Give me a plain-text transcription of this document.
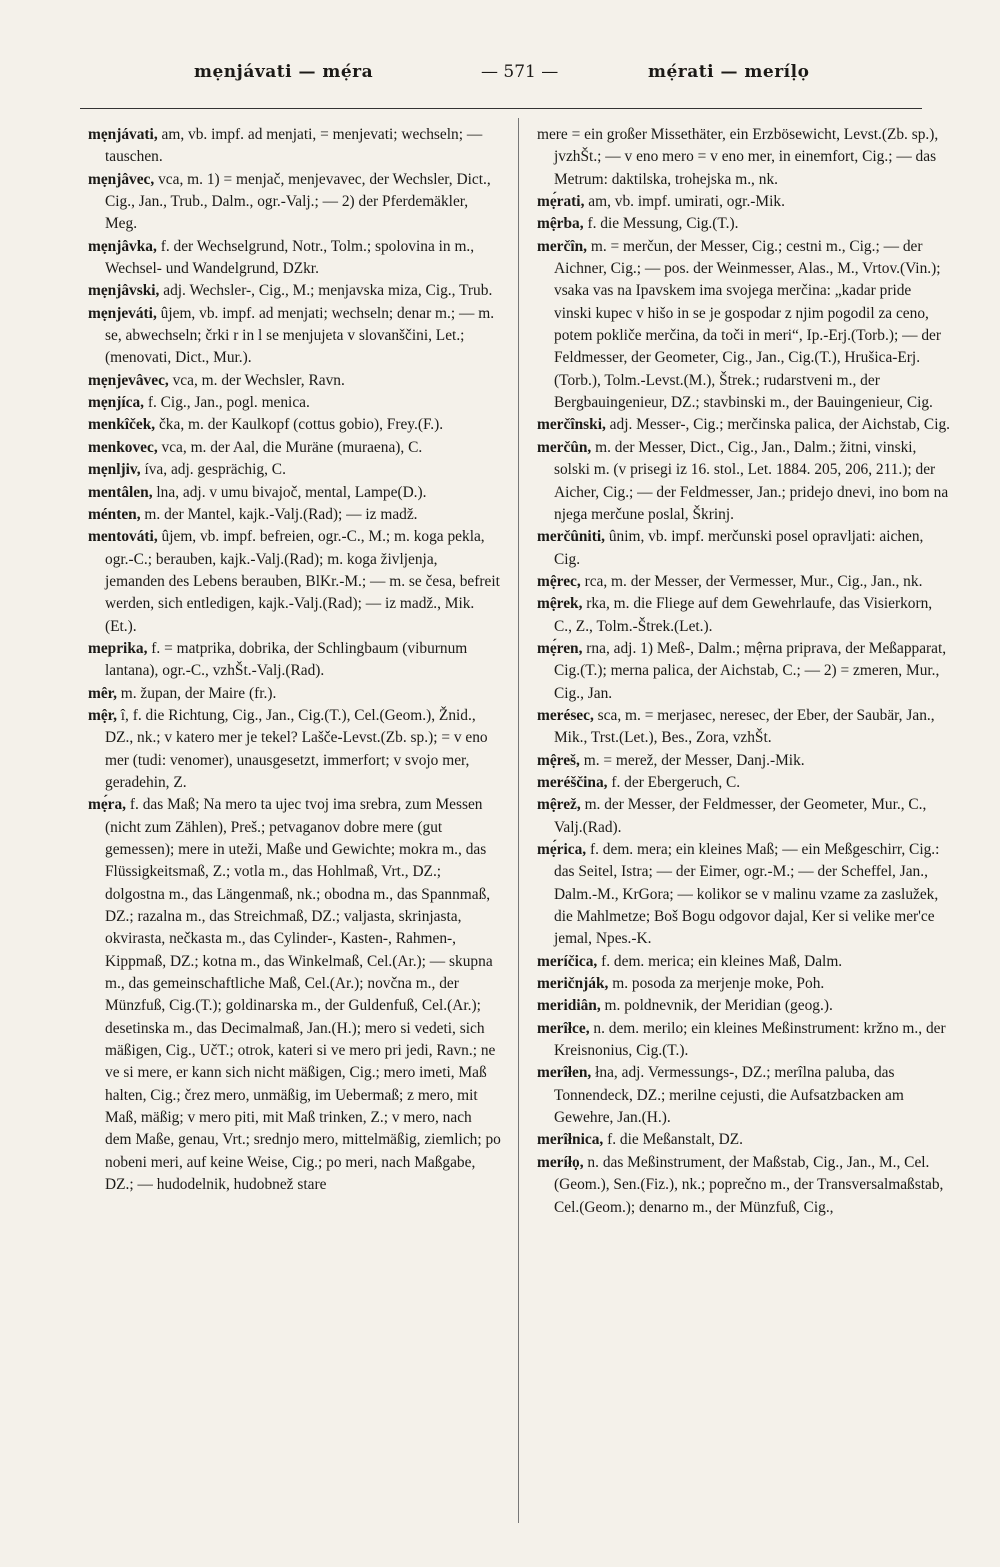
mẹnjávati — mẹ́ra	— 571 —	mẹ́rati — meríḷọ

mẹnjávati, am, vb. impf. ad menjati, = menjevati; wechseln; — tauschen.

mẹnjâvec, vca, m. 1) = menjač, menjevavec, der Wechsler, Dict., Cig., Jan., Trub., Dalm., ogr.-Valj.; — 2) der Pferdemäkler, Meg.

mẹnjâvka, f. der Wechselgrund, Notr., Tolm.; spolovina in m., Wechsel- und Wandelgrund, DZkr.

mẹnjâvski, adj. Wechsler-, Cig., M.; menjavska miza, Cig., Trub.

mẹnjeváti, ûjem, vb. impf. ad menjati; wechseln; denar m.; — m. se, abwechseln; črki r in l se menjujeta v slovanščini, Let.; (menovati, Dict., Mur.).

mẹnjevâvec, vca, m. der Wechsler, Ravn.

mẹnjíca, f. Cig., Jan., pogl. menica.

menkîček, čka, m. der Kaulkopf (cottus gobio), Frey.(F.).

menkovec, vca, m. der Aal, die Muräne (muraena), C.

mẹnljiv, íva, adj. gesprächig, C.

mentâlen, lna, adj. v umu bivajoč, mental, Lampe(D.).

ménten, m. der Mantel, kajk.-Valj.(Rad); — iz madž.

mentováti, ûjem, vb. impf. befreien, ogr.-C., M.; m. koga pekla, ogr.-C.; berauben, kajk.-Valj.(Rad); m. koga življenja, jemanden des Lebens berauben, BlKr.-M.; — m. se česa, befreit werden, sich entledigen, kajk.-Valj.(Rad); — iz madž., Mik.(Et.).

meprika, f. = matprika, dobrika, der Schlingbaum (viburnum lantana), ogr.-C., vzhŠt.-Valj.(Rad).

mêr, m. župan, der Maire (fr.).

mệr, î, f. die Richtung, Cig., Jan., Cig.(T.), Cel.(Geom.), Žnid., DZ., nk.; v katero mer je tekel? Lašče-Levst.(Zb. sp.); = v eno mer (tudi: venomer), unausgesetzt, immerfort; v svojo mer, geradehin, Z.

mẹ́ra, f. das Maß; Na mero ta ujec tvoj ima srebra, zum Messen (nicht zum Zählen), Preš.; petvaganov dobre mere (gut gemessen); mere in uteži, Maße und Gewichte; mokra m., das Flüssigkeitsmaß, Z.; votla m., das Hohlmaß, Vrt., DZ.; dolgostna m., das Längenmaß, nk.; obodna m., das Spannmaß, DZ.; razalna m., das Streichmaß, DZ.; valjasta, skrinjasta, okvirasta, nečkasta m., das Cylinder-, Kasten-, Rahmen-, Kippmaß, DZ.; kotna m., das Winkelmaß, Cel.(Ar.); — skupna m., das gemeinschaftliche Maß, Cel.(Ar.); novčna m., der Münzfuß, Cig.(T.); goldinarska m., der Guldenfuß, Cel.(Ar.); desetinska m., das Decimalmaß, Jan.(H.); mero si vedeti, sich mäßigen, Cig., UčT.; otrok, kateri si ve mero pri jedi, Ravn.; ne ve si mere, er kann sich nicht mäßigen, Cig.; mero imeti, Maß halten, Cig.; črez mero, unmäßig, im Uebermaß; z mero, mit Maß, mäßig; v mero piti, mit Maß trinken, Z.; v mero, nach dem Maße, genau, Vrt.; srednjo mero, mittelmäßig, ziemlich; po nobeni meri, auf keine Weise, Cig.; po meri, nach Maßgabe, DZ.; — hudodelnik, hudobnež stare

mere = ein großer Missethäter, ein Erzbösewicht, Levst.(Zb. sp.), jvzhŠt.; — v eno mero = v eno mer, in einemfort, Cig.; — das Metrum: daktilska, trohejska m., nk.

mẹ́rati, am, vb. impf. umirati, ogr.-Mik.

mệrba, f. die Messung, Cig.(T.).

merčîn, m. = merčun, der Messer, Cig.; cestni m., Cig.; — der Aichner, Cig.; — pos. der Weinmesser, Alas., M., Vrtov.(Vin.); vsaka vas na Ipavskem ima svojega merčina: „kadar pride vinski kupec v hišo in se je gospodar z njim pogodil za ceno, potem pokliče merčina, da toči in meri“, Ip.-Erj.(Torb.); — der Feldmesser, der Geometer, Cig., Jan., Cig.(T.), Hrušica-Erj.(Torb.), Tolm.-Levst.(M.), Štrek.; rudarstveni m., der Bergbauingenieur, DZ.; stavbinski m., der Bauingenieur, Cig.

merčînski, adj. Messer-, Cig.; merčinska palica, der Aichstab, Cig.

merčûn, m. der Messer, Dict., Cig., Jan., Dalm.; žitni, vinski, solski m. (v prisegi iz 16. stol., Let. 1884. 205, 206, 211.); der Aicher, Cig.; — der Feldmesser, Jan.; pridejo dnevi, ino bom na njega merčune poslal, Škrinj.

merčûniti, ûnim, vb. impf. merčunski posel opravljati: aichen, Cig.

mệrec, rca, m. der Messer, der Vermesser, Mur., Cig., Jan., nk.

mệrek, rka, m. die Fliege auf dem Gewehrlaufe, das Visierkorn, C., Z., Tolm.-Štrek.(Let.).

mẹ́ren, rna, adj. 1) Meß-, Dalm.; mệrna priprava, der Meßapparat, Cig.(T.); merna palica, der Aichstab, C.; — 2) = zmeren, Mur., Cig., Jan.

merésec, sca, m. = merjasec, neresec, der Eber, der Saubär, Jan., Mik., Trst.(Let.), Bes., Zora, vzhŠt.

mệreš, m. = merež, der Messer, Danj.-Mik.

meréščina, f. der Ebergeruch, C.

mệrež, m. der Messer, der Feldmesser, der Geometer, Mur., C., Valj.(Rad).

mẹ́rica, f. dem. mera; ein kleines Maß; — ein Meßgeschirr, Cig.: das Seitel, Istra; — der Eimer, ogr.-M.; — der Scheffel, Jan., Dalm.-M., KrGora; — kolikor se v malinu vzame za zaslužek, die Mahlmetze; Boš Bogu odgovor dajal, Ker si velike mer'ce jemal, Npes.-K.

meríčica, f. dem. merica; ein kleines Maß, Dalm.

meričnják, m. posoda za merjenje moke, Poh.

meridiân, m. poldnevnik, der Meridian (geog.).

merîłce, n. dem. merilo; ein kleines Meßinstrument: kržno m., der Kreisnonius, Cig.(T.).

merîłen, łna, adj. Vermessungs-, DZ.; merîlna paluba, das Tonnendeck, DZ.; merilne cejusti, die Aufsatzbacken am Gewehre, Jan.(H.).

merîłnica, f. die Meßanstalt, DZ.

meríłọ, n. das Meßinstrument, der Maßstab, Cig., Jan., M., Cel.(Geom.), Sen.(Fiz.), nk.; poprečno m., der Transversalmaßstab, Cel.(Geom.); denarno m., der Münzfuß, Cig.,
